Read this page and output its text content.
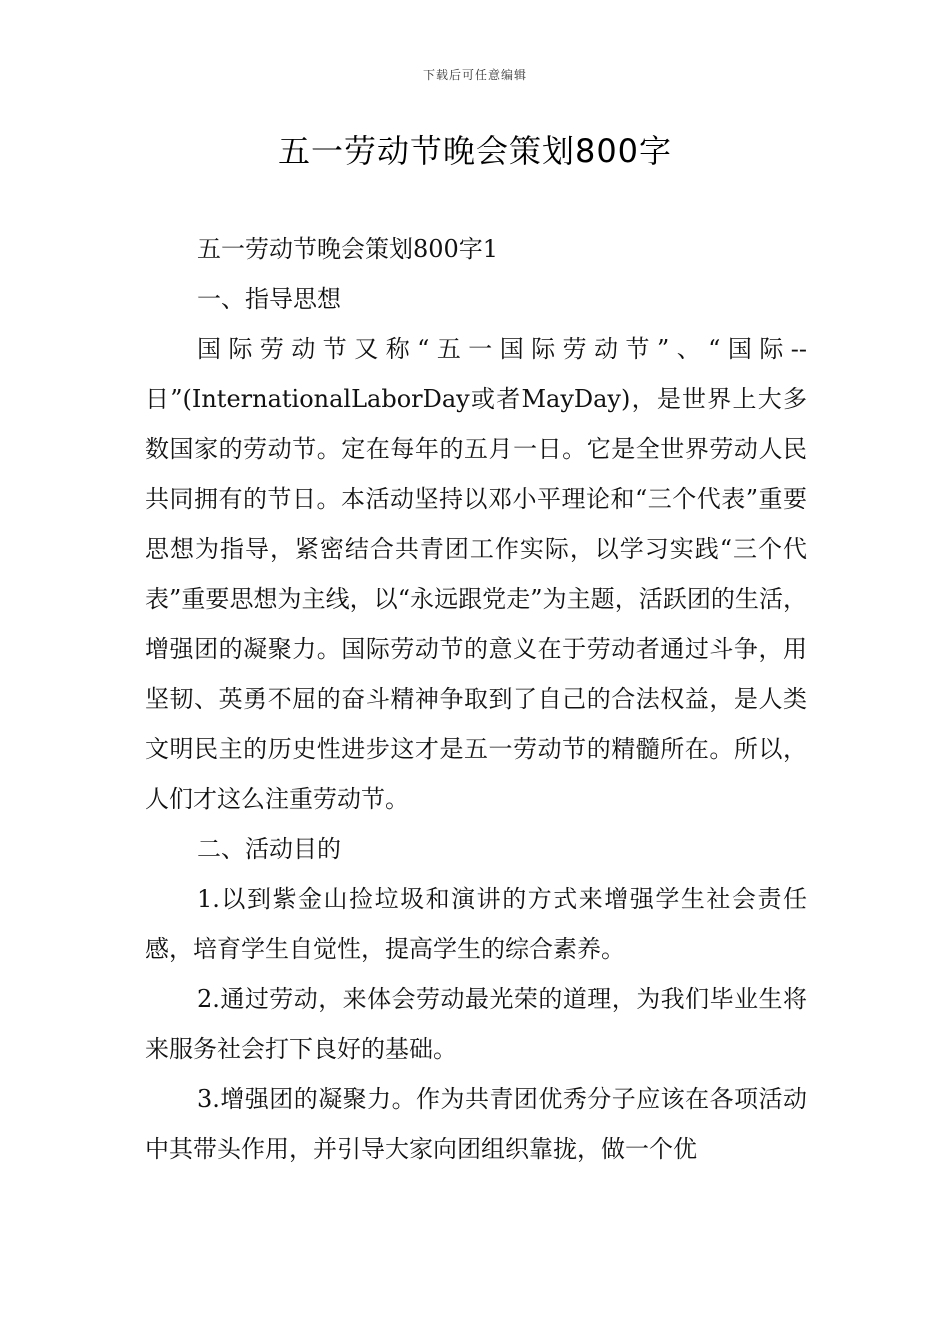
下载后可任意编辑
五一劳动节晚会策划800字

五一劳动节晚会策划800字1

一、指导思想

国际劳动节又称“五一国际劳动节”、“国际--日”(InternationalLaborDay或者MayDay)，是世界上大多数国家的劳动节。定在每年的五月一日。它是全世界劳动人民共同拥有的节日。本活动坚持以邓小平理论和“三个代表”重要思想为指导，紧密结合共青团工作实际，以学习实践“三个代表”重要思想为主线，以“永远跟党走”为主题，活跃团的生活，增强团的凝聚力。国际劳动节的意义在于劳动者通过斗争，用坚韧、英勇不屈的奋斗精神争取到了自己的合法权益，是人类文明民主的历史性进步这才是五一劳动节的精髓所在。所以，人们才这么注重劳动节。

二、活动目的

1.以到紫金山捡垃圾和演讲的方式来增强学生社会责任感，培育学生自觉性，提高学生的综合素养。

2.通过劳动，来体会劳动最光荣的道理，为我们毕业生将来服务社会打下良好的基础。

3.增强团的凝聚力。作为共青团优秀分子应该在各项活动中其带头作用，并引导大家向团组织靠拢，做一个优
